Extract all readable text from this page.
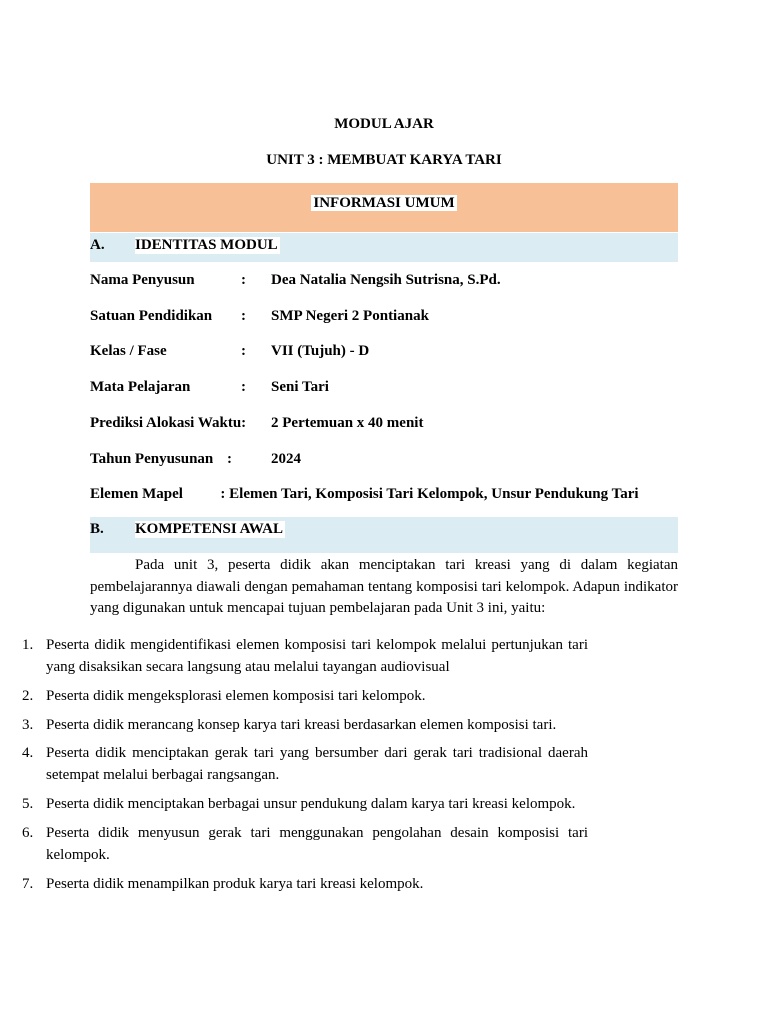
MODUL AJAR
UNIT 3 : MEMBUAT KARYA TARI
INFORMASI UMUM
A. IDENTITAS MODUL
Nama Penyusun	: Dea Natalia Nengsih Sutrisna, S.Pd.
Satuan Pendidikan : SMP Negeri 2 Pontianak
Kelas / Fase	: VII (Tujuh) - D
Mata Pelajaran	: Seni Tari
Prediksi Alokasi Waktu: 2 Pertemuan x 40 menit
Tahun Penyusunan :	2024
Elemen Mapel          : Elemen Tari, Komposisi Tari Kelompok, Unsur Pendukung Tari
B. KOMPETENSI AWAL

Pada unit 3, peserta didik akan menciptakan tari kreasi yang di dalam kegiatan pembelajarannya diawali dengan pemahaman tentang komposisi tari kelompok. Adapun indikator yang digunakan untuk mencapai tujuan pembelajaran pada Unit 3 ini, yaitu:

1. Peserta didik mengidentifikasi elemen komposisi tari kelompok melalui pertunjukan tari yang disaksikan secara langsung atau melalui tayangan audiovisual
2. Peserta didik mengeksplorasi elemen komposisi tari kelompok.
3. Peserta didik merancang konsep karya tari kreasi berdasarkan elemen komposisi tari.
4. Peserta didik menciptakan gerak tari yang bersumber dari gerak tari tradisional daerah setempat melalui berbagai rangsangan.
5. Peserta didik menciptakan berbagai unsur pendukung dalam karya tari kreasi kelompok.
6. Peserta didik menyusun gerak tari menggunakan pengolahan desain komposisi tari kelompok.
7. Peserta didik menampilkan produk karya tari kreasi kelompok.
